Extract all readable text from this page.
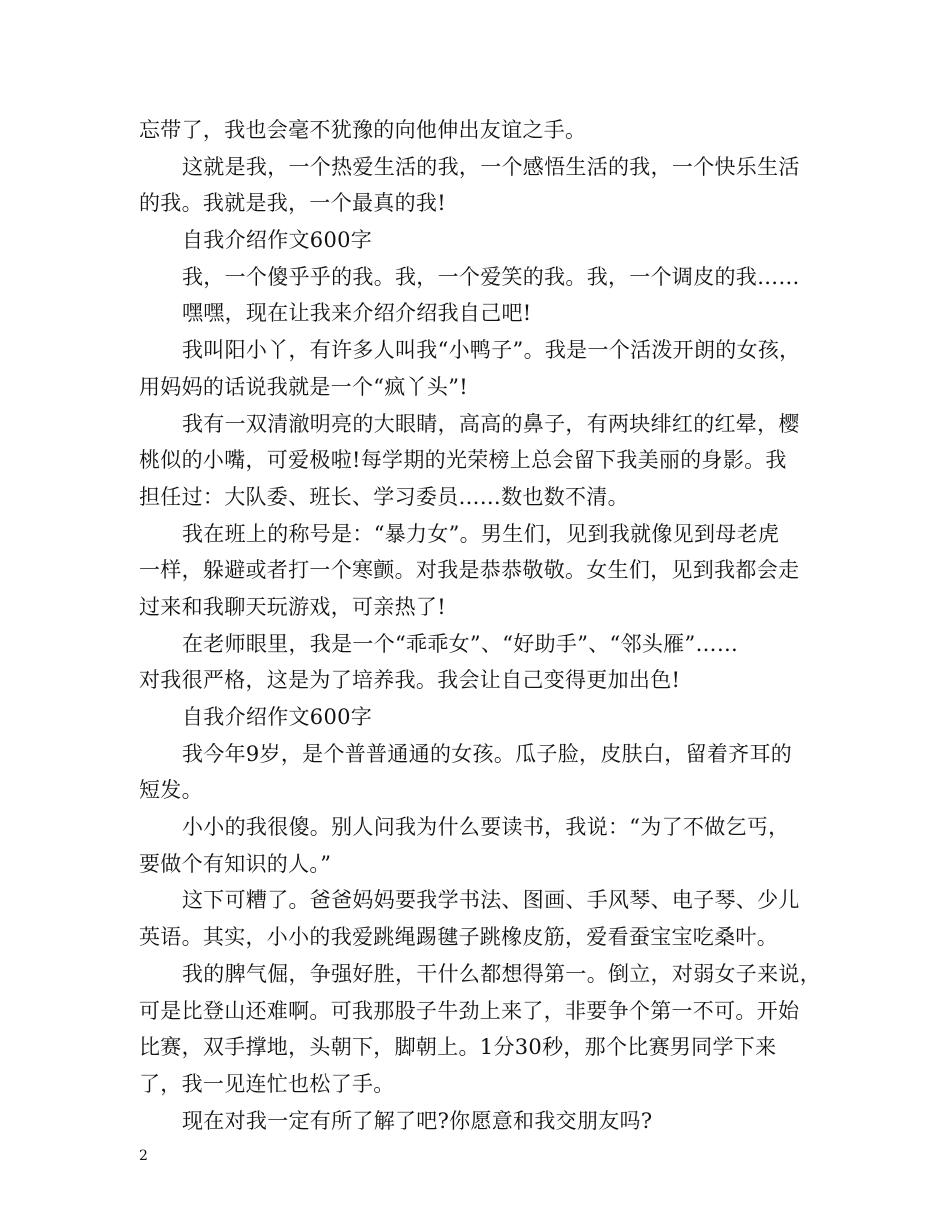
忘带了，我也会毫不犹豫的向他伸出友谊之手。
这就是我，一个热爱生活的我，一个感悟生活的我，一个快乐生活
的我。我就是我，一个最真的我!
自我介绍作文600字
我，一个傻乎乎的我。我，一个爱笑的我。我，一个调皮的我……
嘿嘿，现在让我来介绍介绍我自己吧!
我叫阳小丫，有许多人叫我“小鸭子”。我是一个活泼开朗的女孩，
用妈妈的话说我就是一个“疯丫头”!
我有一双清澈明亮的大眼睛，高高的鼻子，有两块绯红的红晕，樱
桃似的小嘴，可爱极啦!每学期的光荣榜上总会留下我美丽的身影。我
担任过：大队委、班长、学习委员……数也数不清。
我在班上的称号是：“暴力女”。男生们，见到我就像见到母老虎
一样，躲避或者打一个寒颤。对我是恭恭敬敬。女生们，见到我都会走
过来和我聊天玩游戏，可亲热了!
在老师眼里，我是一个“乖乖女”、“好助手”、“邻头雁”……
对我很严格，这是为了培养我。我会让自己变得更加出色!
自我介绍作文600字
我今年9岁，是个普普通通的女孩。瓜子脸，皮肤白，留着齐耳的
短发。
小小的我很傻。别人问我为什么要读书，我说：“为了不做乞丐，
要做个有知识的人。”
这下可糟了。爸爸妈妈要我学书法、图画、手风琴、电子琴、少儿
英语。其实，小小的我爱跳绳踢毽子跳橡皮筋，爱看蚕宝宝吃桑叶。
我的脾气倔，争强好胜，干什么都想得第一。倒立，对弱女子来说，
可是比登山还难啊。可我那股子牛劲上来了，非要争个第一不可。开始
比赛，双手撑地，头朝下，脚朝上。1分30秒，那个比赛男同学下来
了，我一见连忙也松了手。
现在对我一定有所了解了吧?你愿意和我交朋友吗?
2
